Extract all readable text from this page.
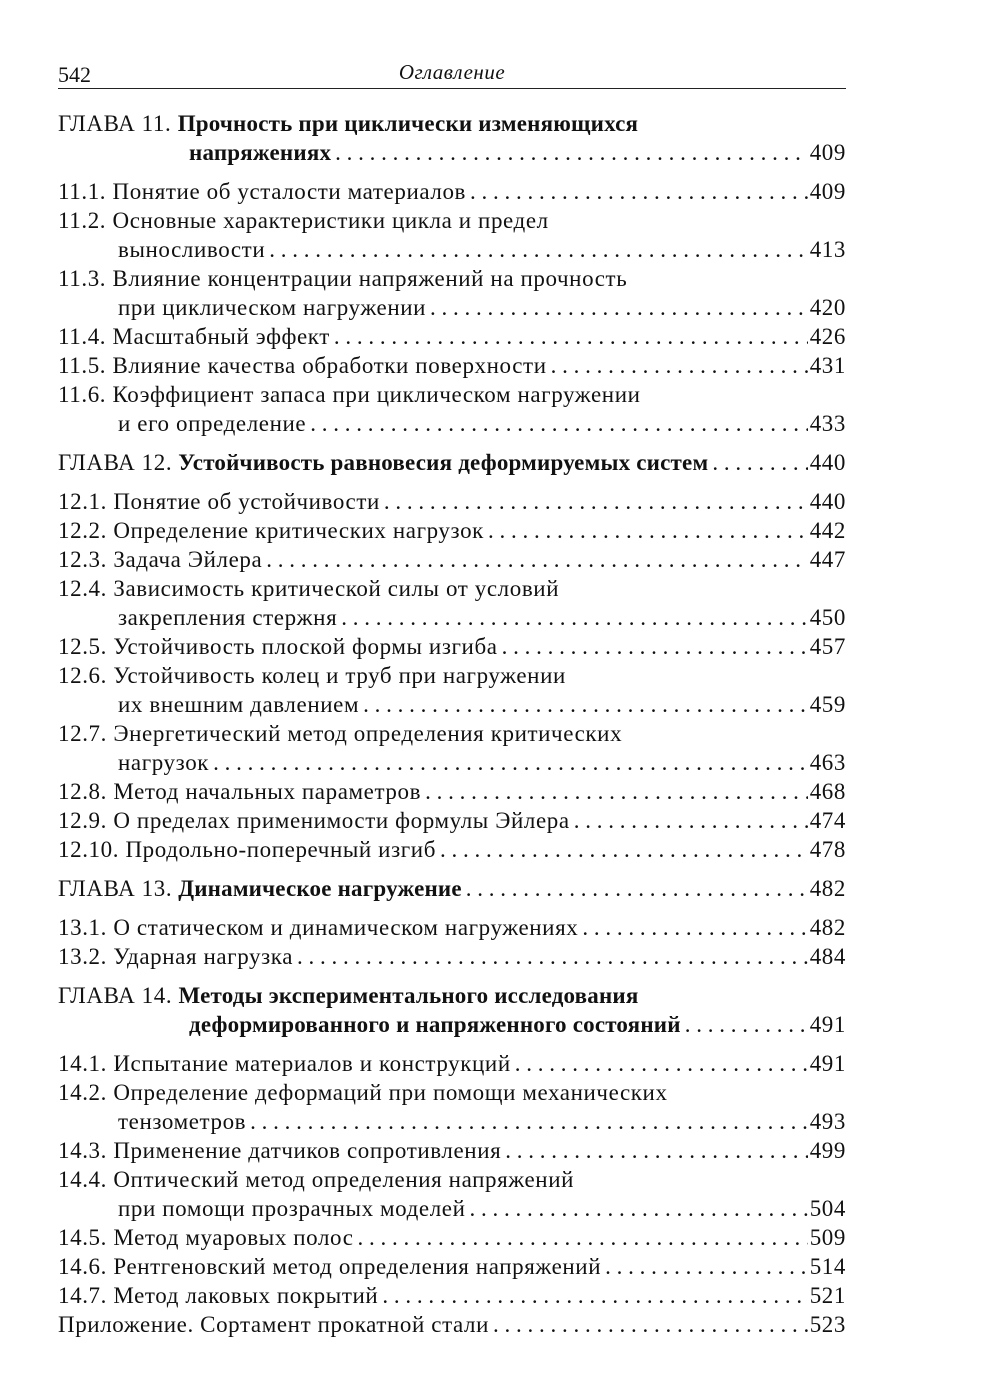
542	Оглавление
ГЛАВА 11. Прочность при циклически изменяющихся
напряжениях . . .	409
11.1. Понятие об усталости материалов . . .	409
11.2. Основные характеристики цикла и предел
выносливости . . .	413
11.3. Влияние концентрации напряжений на прочность
при циклическом нагружении . . .	420
11.4. Масштабный эффект . . .	426
11.5. Влияние качества обработки поверхности . . .	431
11.6. Коэффициент запаса при циклическом нагружении
и его определение . . .	433
ГЛАВА 12. Устойчивость равновесия деформируемых систем . . .	440
12.1. Понятие об устойчивости . . .	440
12.2. Определение критических нагрузок . . .	442
12.3. Задача Эйлера . . .	447
12.4. Зависимость критической силы от условий
закрепления стержня . . .	450
12.5. Устойчивость плоской формы изгиба . . .	457
12.6. Устойчивость колец и труб при нагружении
их внешним давлением . . .	459
12.7. Энергетический метод определения критических
нагрузок . . .	463
12.8. Метод начальных параметров . . .	468
12.9. О пределах применимости формулы Эйлера . . .	474
12.10. Продольно-поперечный изгиб . . .	478
ГЛАВА 13. Динамическое нагружение . . .	482
13.1. О статическом и динамическом нагружениях . . .	482
13.2. Ударная нагрузка . . .	484
ГЛАВА 14. Методы экспериментального исследования
деформированного и напряженного состояний . . .	491
14.1. Испытание материалов и конструкций . . .	491
14.2. Определение деформаций при помощи механических
тензометров . . .	493
14.3. Применение датчиков сопротивления . . .	499
14.4. Оптический метод определения напряжений
при помощи прозрачных моделей . . .	504
14.5. Метод муаровых полос . . .	509
14.6. Рентгеновский метод определения напряжений . . .	514
14.7. Метод лаковых покрытий . . .	521
Приложение. Сортамент прокатной стали . . .	523
